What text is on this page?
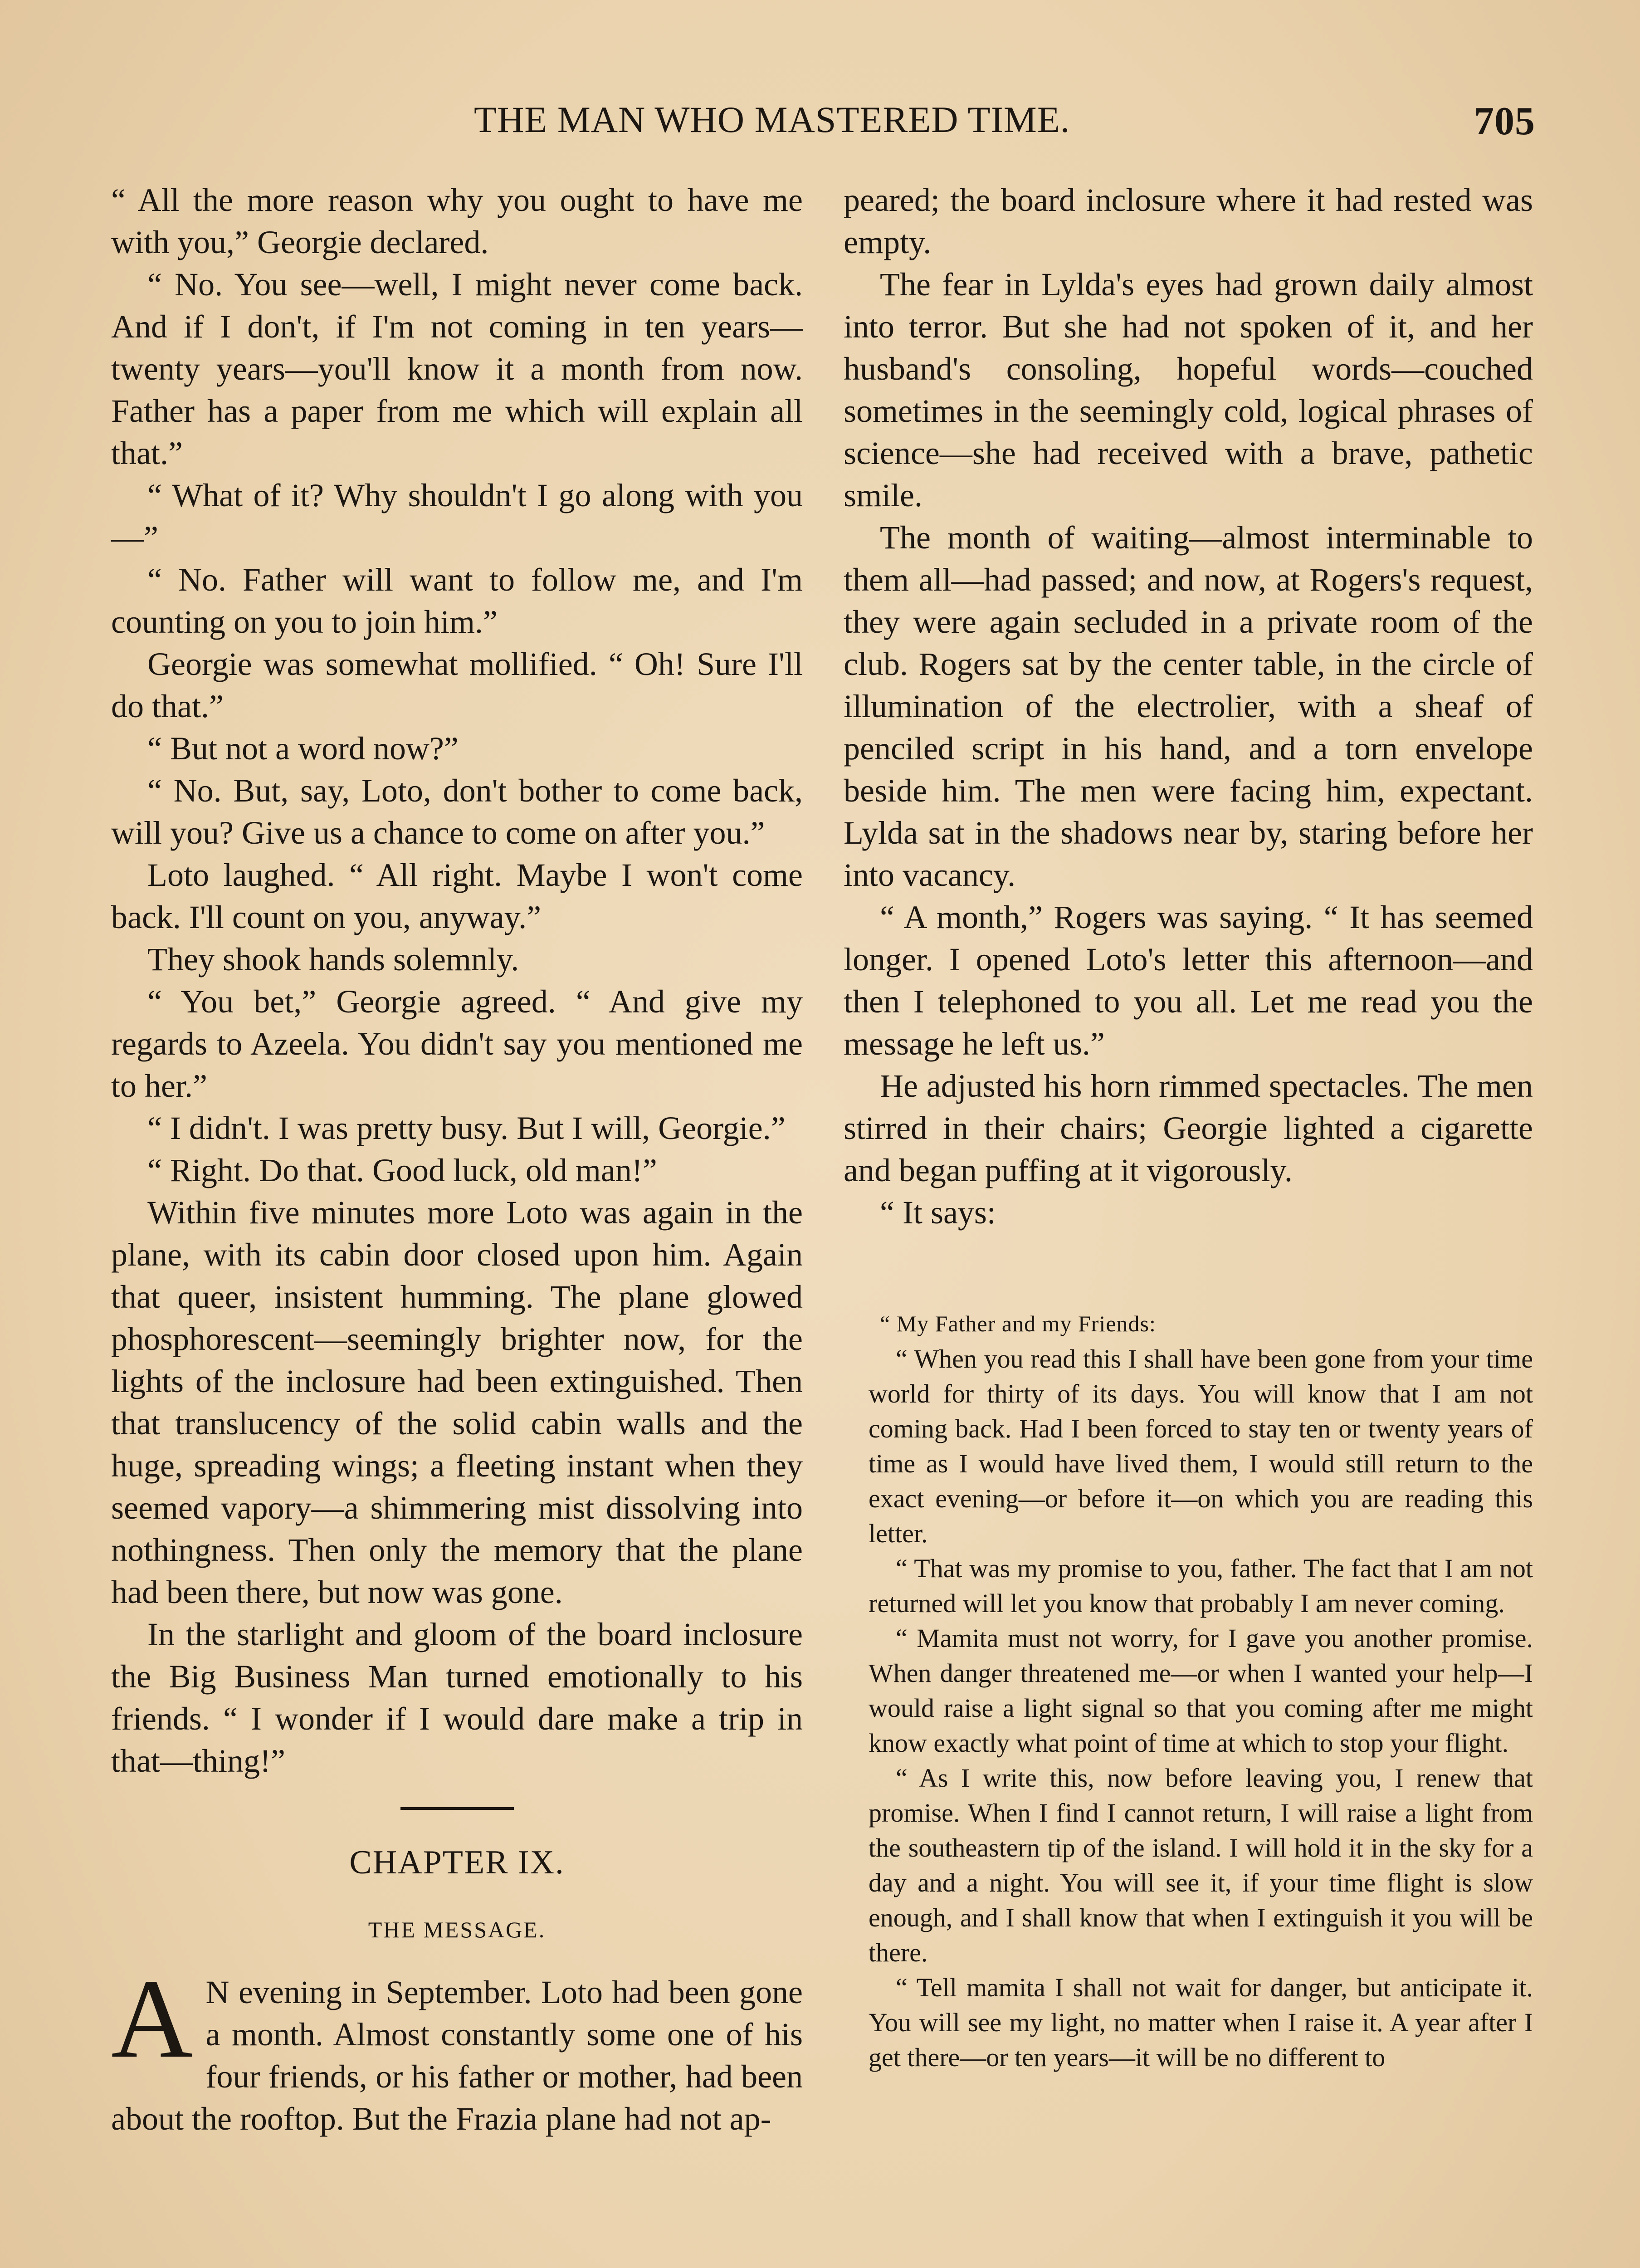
THE MAN WHO MASTERED TIME.	705

“ All the more reason why you ought to have me with you,” Georgie declared.

“ No. You see—well, I might never come back. And if I don't, if I'm not coming in ten years—twenty years—you'll know it a month from now. Father has a paper from me which will explain all that.”

“ What of it? Why shouldn't I go along with you—”

“ No. Father will want to follow me, and I'm counting on you to join him.”

Georgie was somewhat mollified. “ Oh! Sure I'll do that.”

“ But not a word now?”

“ No. But, say, Loto, don't bother to come back, will you? Give us a chance to come on after you.”

Loto laughed. “ All right. Maybe I won't come back. I'll count on you, anyway.”

They shook hands solemnly.

“ You bet,” Georgie agreed. “ And give my regards to Azeela. You didn't say you mentioned me to her.”

“ I didn't. I was pretty busy. But I will, Georgie.”

“ Right. Do that. Good luck, old man!”

Within five minutes more Loto was again in the plane, with its cabin door closed upon him. Again that queer, insistent humming. The plane glowed phosphorescent—seemingly brighter now, for the lights of the inclosure had been extinguished. Then that translucency of the solid cabin walls and the huge, spreading wings; a fleeting instant when they seemed vapory—a shimmering mist dissolving into nothingness. Then only the memory that the plane had been there, but now was gone.

In the starlight and gloom of the board inclosure the Big Business Man turned emotionally to his friends. “ I wonder if I would dare make a trip in that—thing!”

CHAPTER IX.

THE MESSAGE.

A N evening in September. Loto had been gone a month. Almost constantly some one of his four friends, or his father or mother, had been about the rooftop. But the Frazia plane had not ap-

peared; the board inclosure where it had rested was empty.

The fear in Lylda's eyes had grown daily almost into terror. But she had not spoken of it, and her husband's consoling, hopeful words—couched sometimes in the seemingly cold, logical phrases of science—she had received with a brave, pathetic smile.

The month of waiting—almost interminable to them all—had passed; and now, at Rogers's request, they were again secluded in a private room of the club. Rogers sat by the center table, in the circle of illumination of the electrolier, with a sheaf of penciled script in his hand, and a torn envelope beside him. The men were facing him, expectant. Lylda sat in the shadows near by, staring before her into vacancy.

“ A month,” Rogers was saying. “ It has seemed longer. I opened Loto's letter this afternoon—and then I telephoned to you all. Let me read you the message he left us.”

He adjusted his horn rimmed spectacles. The men stirred in their chairs; Georgie lighted a cigarette and began puffing at it vigorously.

“ It says:

“ My Father and my Friends:

“ When you read this I shall have been gone from your time world for thirty of its days. You will know that I am not coming back. Had I been forced to stay ten or twenty years of time as I would have lived them, I would still return to the exact evening—or before it—on which you are reading this letter.

“ That was my promise to you, father. The fact that I am not returned will let you know that probably I am never coming.

“ Mamita must not worry, for I gave you another promise. When danger threatened me—or when I wanted your help—I would raise a light signal so that you coming after me might know exactly what point of time at which to stop your flight.

“ As I write this, now before leaving you, I renew that promise. When I find I cannot return, I will raise a light from the southeastern tip of the island. I will hold it in the sky for a day and a night. You will see it, if your time flight is slow enough, and I shall know that when I extinguish it you will be there.

“ Tell mamita I shall not wait for danger, but anticipate it. You will see my light, no matter when I raise it. A year after I get there—or ten years—it will be no different to
